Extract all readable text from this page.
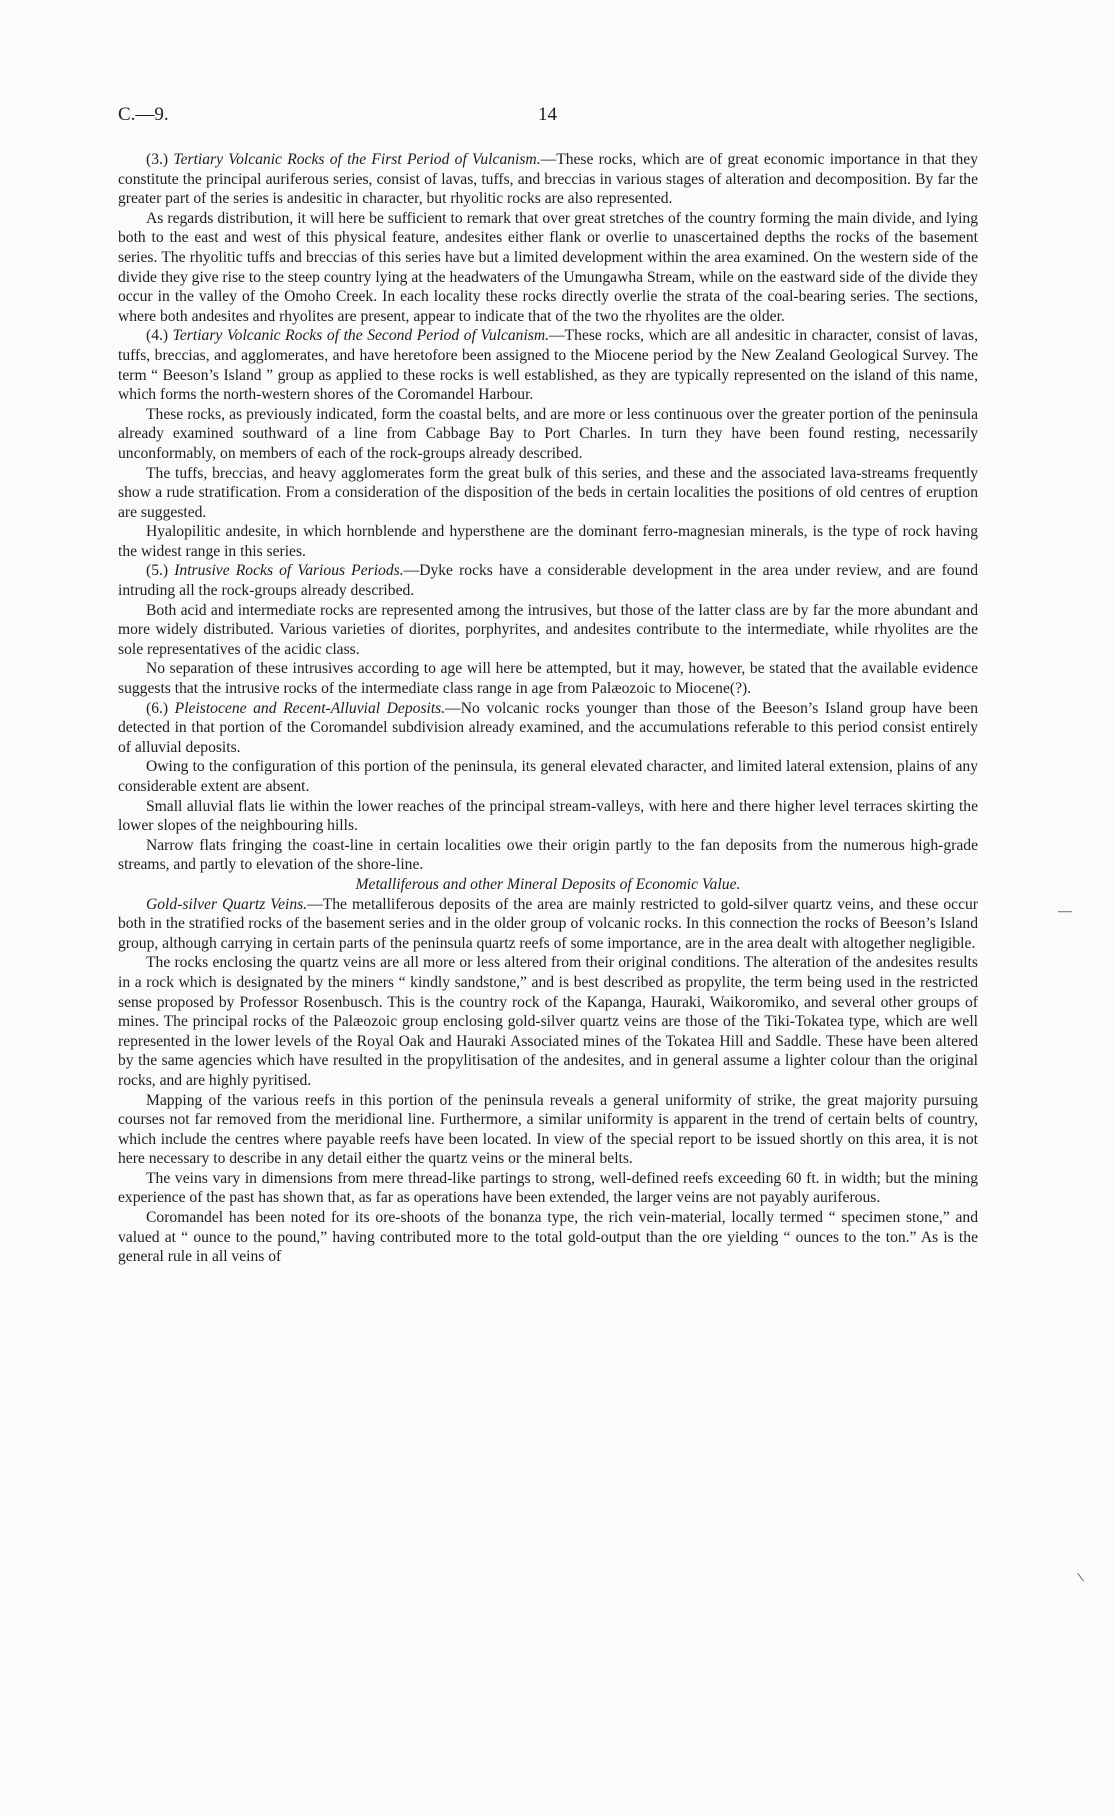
C.—9.	14

(3.) Tertiary Volcanic Rocks of the First Period of Vulcanism.—These rocks, which are of great economic importance in that they constitute the principal auriferous series, consist of lavas, tuffs, and breccias in various stages of alteration and decomposition. By far the greater part of the series is andesitic in character, but rhyolitic rocks are also represented.

As regards distribution, it will here be sufficient to remark that over great stretches of the country forming the main divide, and lying both to the east and west of this physical feature, andesites either flank or overlie to unascertained depths the rocks of the basement series. The rhyolitic tuffs and breccias of this series have but a limited development within the area examined. On the western side of the divide they give rise to the steep country lying at the headwaters of the Umungawha Stream, while on the eastward side of the divide they occur in the valley of the Omoho Creek. In each locality these rocks directly overlie the strata of the coal-bearing series. The sections, where both andesites and rhyolites are present, appear to indicate that of the two the rhyolites are the older.

(4.) Tertiary Volcanic Rocks of the Second Period of Vulcanism.—These rocks, which are all andesitic in character, consist of lavas, tuffs, breccias, and agglomerates, and have heretofore been assigned to the Miocene period by the New Zealand Geological Survey. The term “ Beeson’s Island ” group as applied to these rocks is well established, as they are typically represented on the island of this name, which forms the north-western shores of the Coromandel Harbour.

These rocks, as previously indicated, form the coastal belts, and are more or less continuous over the greater portion of the peninsula already examined southward of a line from Cabbage Bay to Port Charles. In turn they have been found resting, necessarily unconformably, on members of each of the rock-groups already described.

The tuffs, breccias, and heavy agglomerates form the great bulk of this series, and these and the associated lava-streams frequently show a rude stratification. From a consideration of the disposition of the beds in certain localities the positions of old centres of eruption are suggested.

Hyalopilitic andesite, in which hornblende and hypersthene are the dominant ferro-magnesian minerals, is the type of rock having the widest range in this series.

(5.) Intrusive Rocks of Various Periods.—Dyke rocks have a considerable development in the area under review, and are found intruding all the rock-groups already described.

Both acid and intermediate rocks are represented among the intrusives, but those of the latter class are by far the more abundant and more widely distributed. Various varieties of diorites, porphyrites, and andesites contribute to the intermediate, while rhyolites are the sole representatives of the acidic class.

No separation of these intrusives according to age will here be attempted, but it may, however, be stated that the available evidence suggests that the intrusive rocks of the intermediate class range in age from Palæozoic to Miocene(?).

(6.) Pleistocene and Recent-Alluvial Deposits.—No volcanic rocks younger than those of the Beeson’s Island group have been detected in that portion of the Coromandel subdivision already examined, and the accumulations referable to this period consist entirely of alluvial deposits.

Owing to the configuration of this portion of the peninsula, its general elevated character, and limited lateral extension, plains of any considerable extent are absent.

Small alluvial flats lie within the lower reaches of the principal stream-valleys, with here and there higher level terraces skirting the lower slopes of the neighbouring hills.

Narrow flats fringing the coast-line in certain localities owe their origin partly to the fan deposits from the numerous high-grade streams, and partly to elevation of the shore-line.

Metalliferous and other Mineral Deposits of Economic Value.

Gold-silver Quartz Veins.—The metalliferous deposits of the area are mainly restricted to gold-silver quartz veins, and these occur both in the stratified rocks of the basement series and in the older group of volcanic rocks. In this connection the rocks of Beeson’s Island group, although carrying in certain parts of the peninsula quartz reefs of some importance, are in the area dealt with altogether negligible.

The rocks enclosing the quartz veins are all more or less altered from their original conditions. The alteration of the andesites results in a rock which is designated by the miners “ kindly sandstone,” and is best described as propylite, the term being used in the restricted sense proposed by Professor Rosenbusch. This is the country rock of the Kapanga, Hauraki, Waikoromiko, and several other groups of mines. The principal rocks of the Palæozoic group enclosing gold-silver quartz veins are those of the Tiki-Tokatea type, which are well represented in the lower levels of the Royal Oak and Hauraki Associated mines of the Tokatea Hill and Saddle. These have been altered by the same agencies which have resulted in the propylitisation of the andesites, and in general assume a lighter colour than the original rocks, and are highly pyritised.

Mapping of the various reefs in this portion of the peninsula reveals a general uniformity of strike, the great majority pursuing courses not far removed from the meridional line. Furthermore, a similar uniformity is apparent in the trend of certain belts of country, which include the centres where payable reefs have been located. In view of the special report to be issued shortly on this area, it is not here necessary to describe in any detail either the quartz veins or the mineral belts.

The veins vary in dimensions from mere thread-like partings to strong, well-defined reefs exceeding 60 ft. in width; but the mining experience of the past has shown that, as far as operations have been extended, the larger veins are not payably auriferous.

Coromandel has been noted for its ore-shoots of the bonanza type, the rich vein-material, locally termed “ specimen stone,” and valued at “ ounce to the pound,” having contributed more to the total gold-output than the ore yielding “ ounces to the ton.” As is the general rule in all veins of

—
/
